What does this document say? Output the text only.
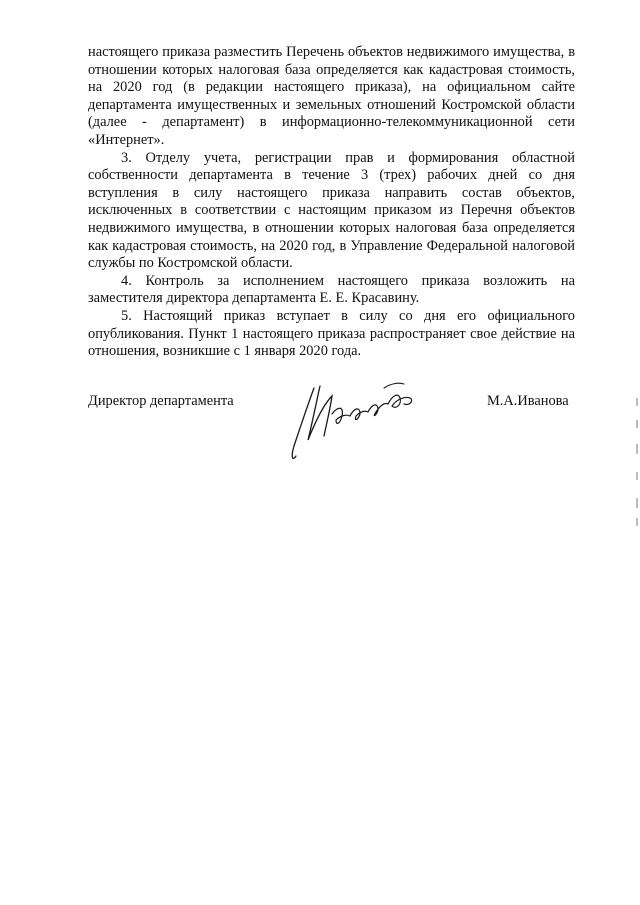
настоящего приказа разместить Перечень объектов недвижимого имущества, в отношении которых налоговая база определяется как кадастровая стоимость, на 2020 год (в редакции настоящего приказа), на официальном сайте департамента имущественных и земельных отношений Костромской области (далее - департамент) в информационно-телекоммуникационной сети «Интернет».

3. Отделу учета, регистрации прав и формирования областной собственности департамента в течение 3 (трех) рабочих дней со дня вступления в силу настоящего приказа направить состав объектов, исключенных в соответствии с настоящим приказом из Перечня объектов недвижимого имущества, в отношении которых налоговая база определяется как кадастровая стоимость, на 2020 год, в Управление Федеральной налоговой службы по Костромской области.

4. Контроль за исполнением настоящего приказа возложить на заместителя директора департамента Е. Е. Красавину.

5. Настоящий приказ вступает в силу со дня его официального опубликования. Пункт 1 настоящего приказа распространяет свое действие на отношения, возникшие с 1 января 2020 года.

Директор департамента	М.А.Иванова
